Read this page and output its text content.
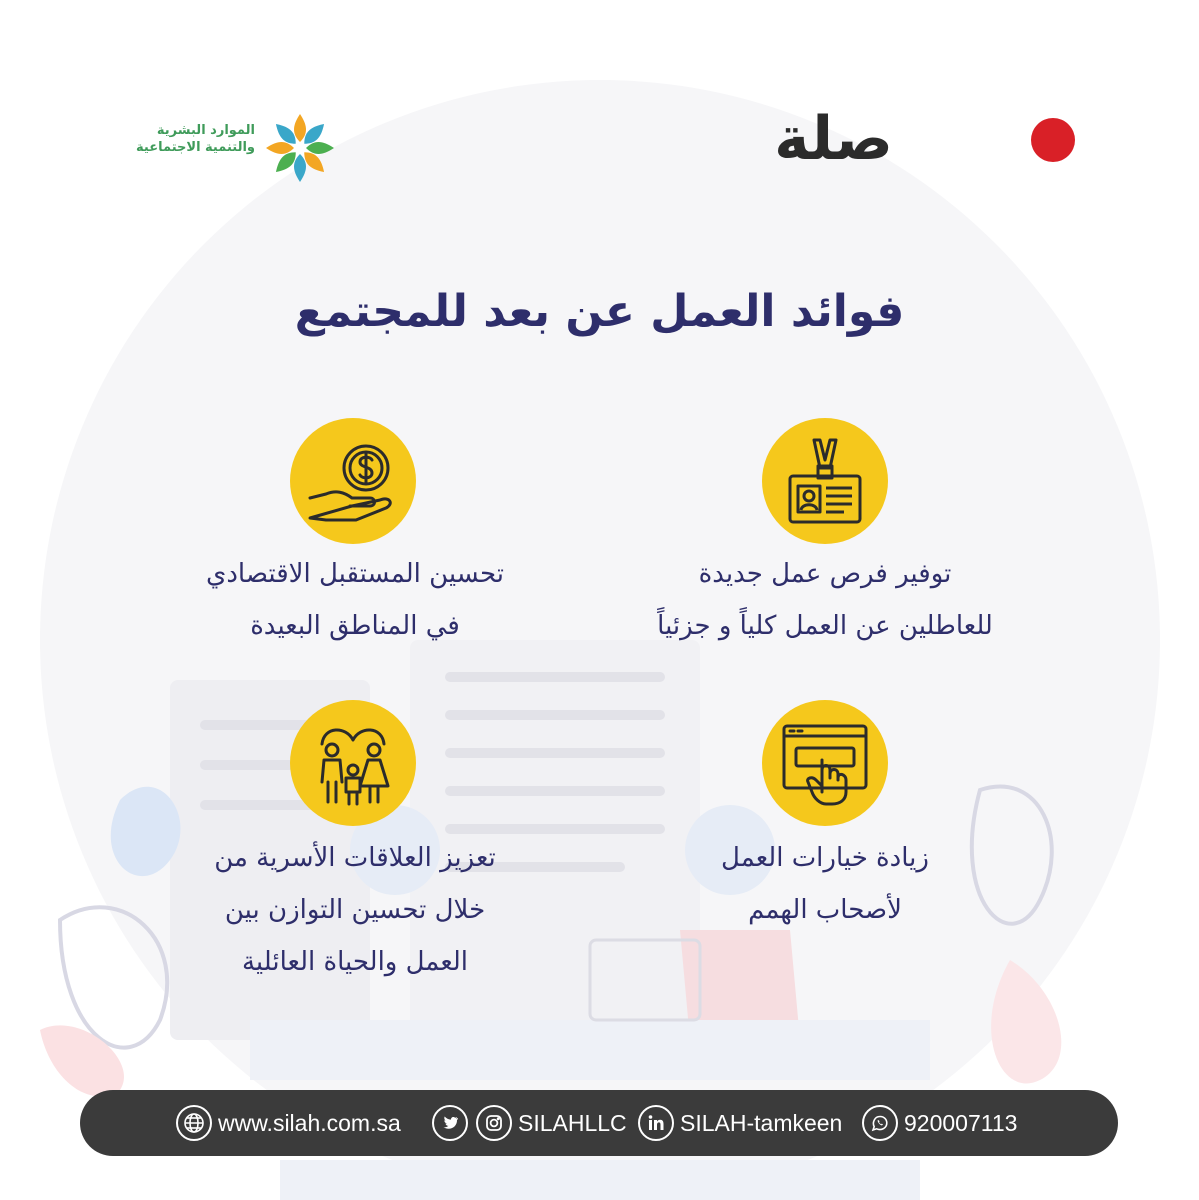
صلة
الموارد البشرية
والتنمية الاجتماعية
فوائد العمل عن بعد للمجتمع
توفير فرص عمل جديدة
للعاطلين عن العمل كلياً و جزئياً
تحسين المستقبل الاقتصادي
في المناطق البعيدة
زيادة خيارات العمل
لأصحاب الهمم
تعزيز العلاقات الأسرية من
خلال تحسين التوازن بين
العمل والحياة العائلية
www.silah.com.sa	SILAHLLC SILAH-tamkeen	920007113
